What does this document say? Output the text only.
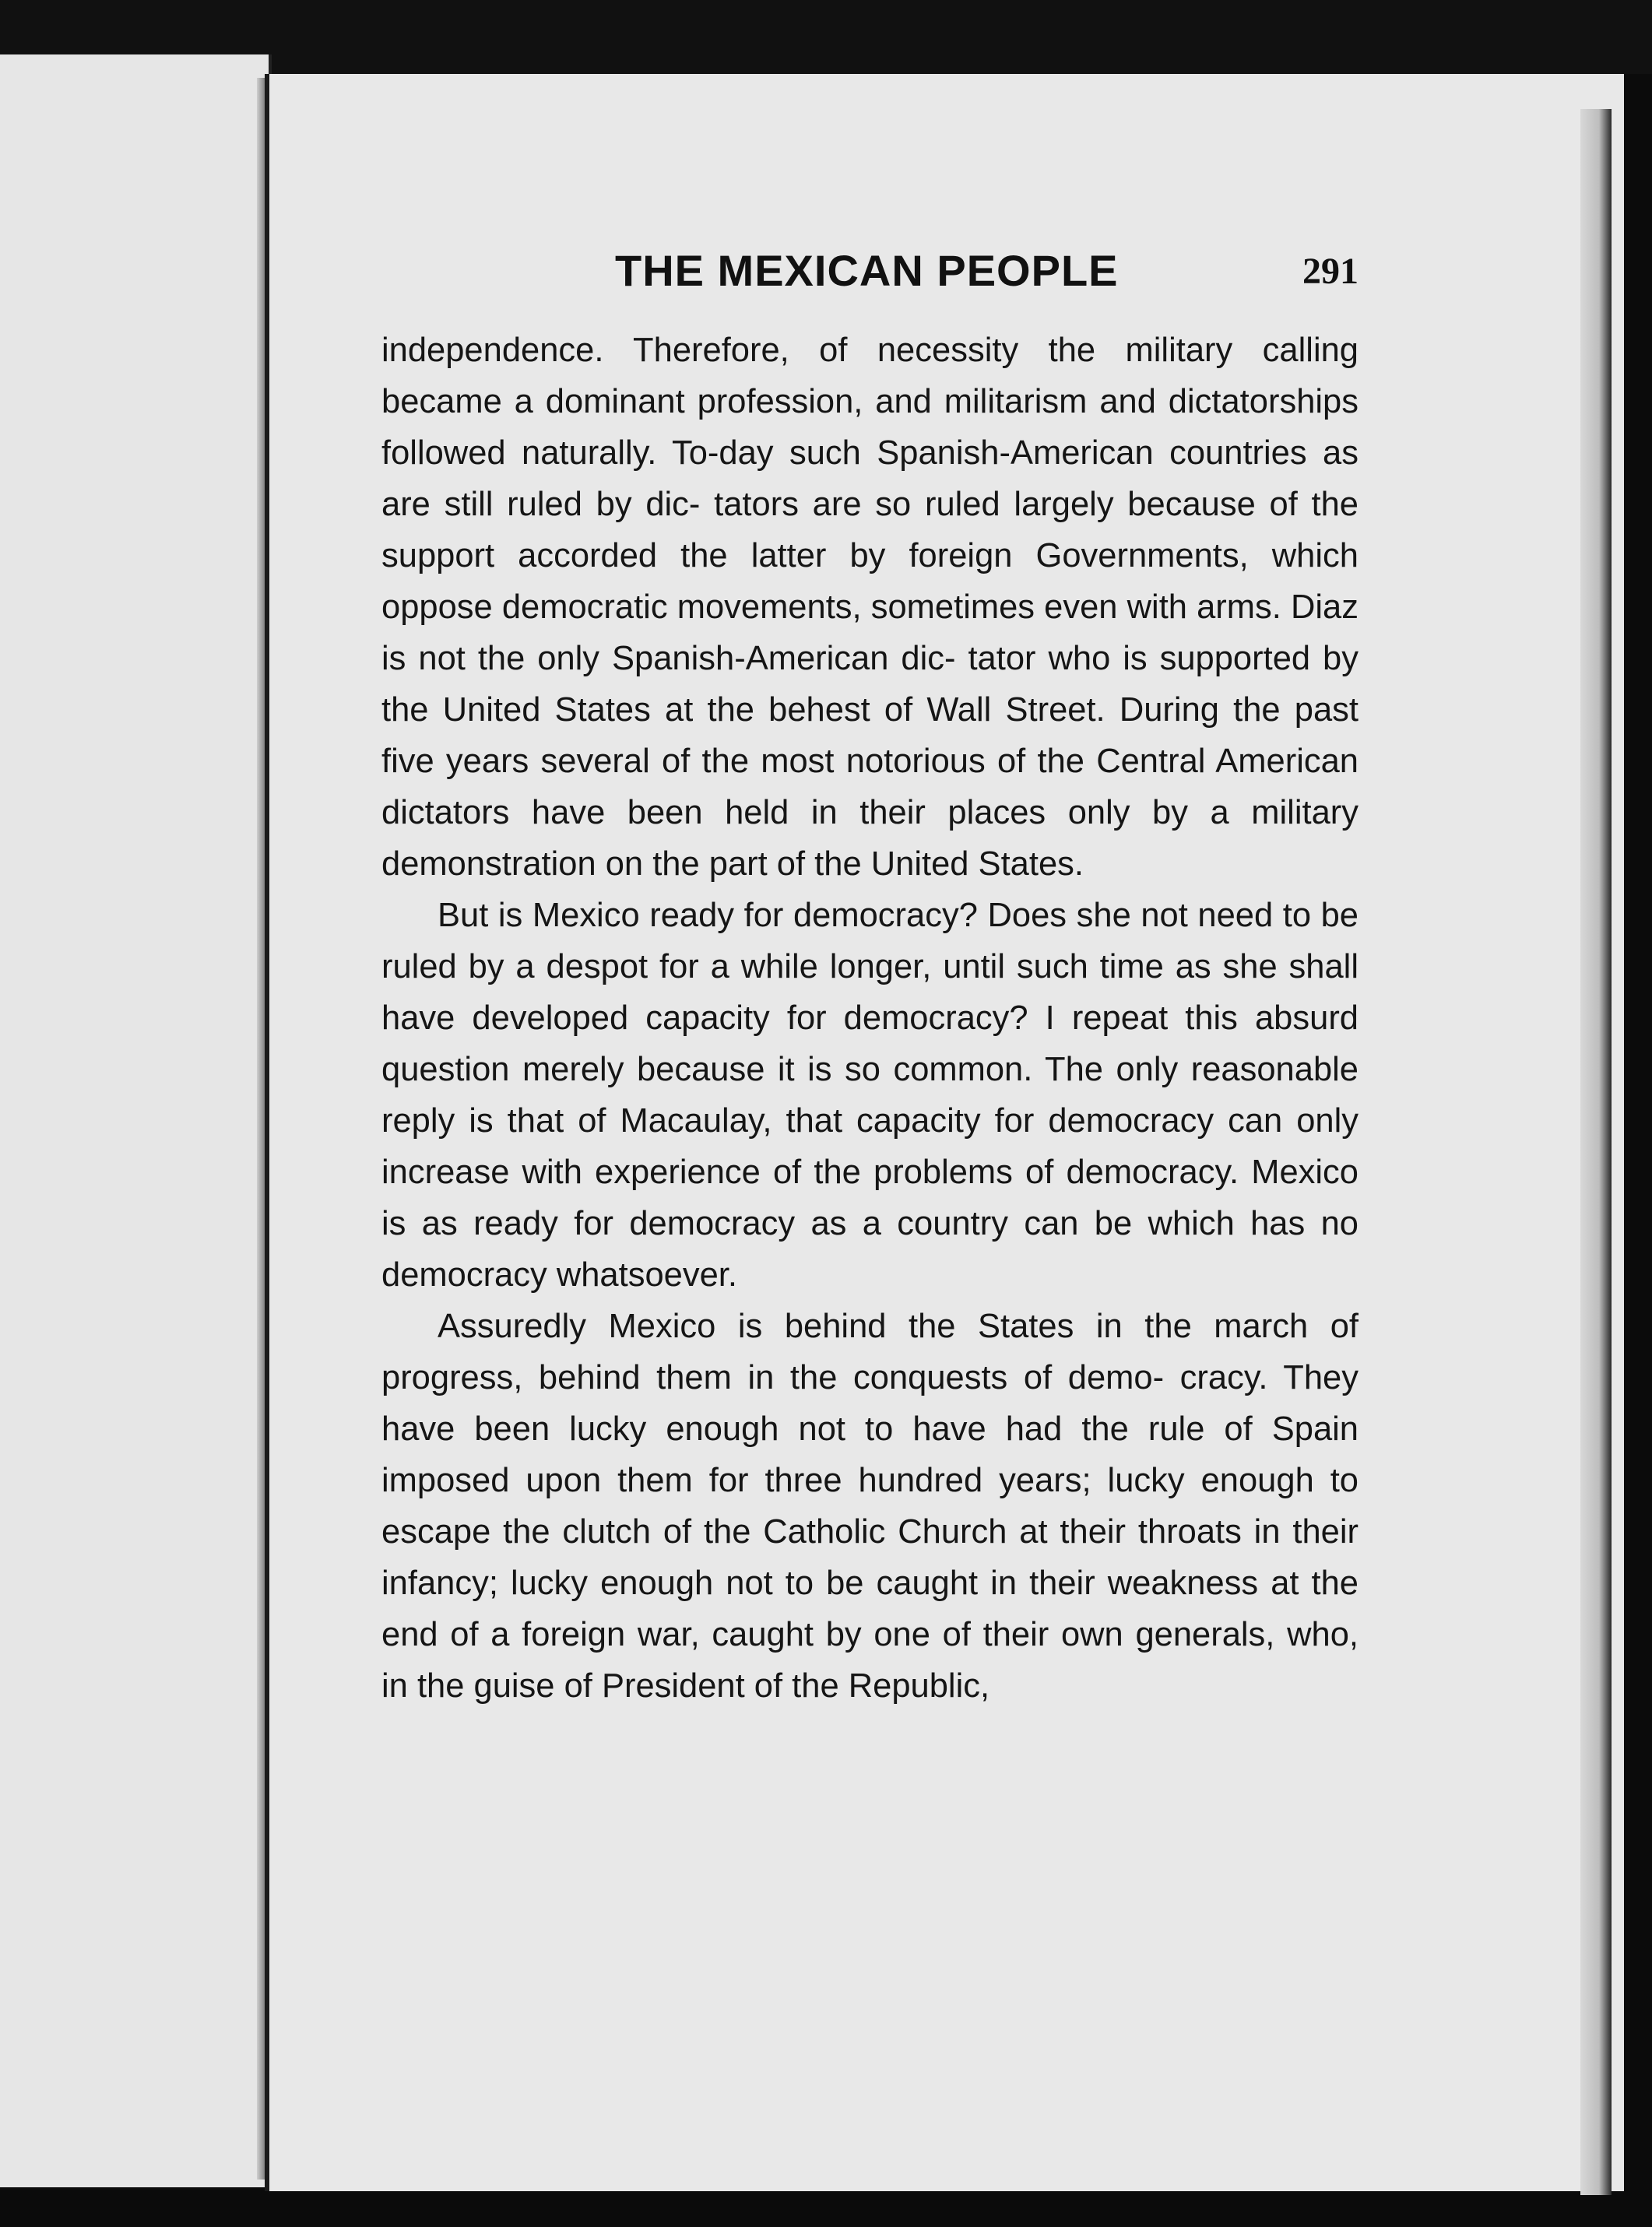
THE MEXICAN PEOPLE	291

independence. Therefore, of necessity the military calling became a dominant profession, and militarism and dictatorships followed naturally. To-day such Spanish-American countries as are still ruled by dic- tators are so ruled largely because of the support accorded the latter by foreign Governments, which oppose democratic movements, sometimes even with arms. Diaz is not the only Spanish-American dic- tator who is supported by the United States at the behest of Wall Street. During the past five years several of the most notorious of the Central American dictators have been held in their places only by a military demonstration on the part of the United States.

But is Mexico ready for democracy? Does she not need to be ruled by a despot for a while longer, until such time as she shall have developed capacity for democracy? I repeat this absurd question merely because it is so common. The only reasonable reply is that of Macaulay, that capacity for democracy can only increase with experience of the problems of democracy. Mexico is as ready for democracy as a country can be which has no democracy whatsoever.

Assuredly Mexico is behind the States in the march of progress, behind them in the conquests of demo- cracy. They have been lucky enough not to have had the rule of Spain imposed upon them for three hundred years; lucky enough to escape the clutch of the Catholic Church at their throats in their infancy; lucky enough not to be caught in their weakness at the end of a foreign war, caught by one of their own generals, who, in the guise of President of the Republic,
